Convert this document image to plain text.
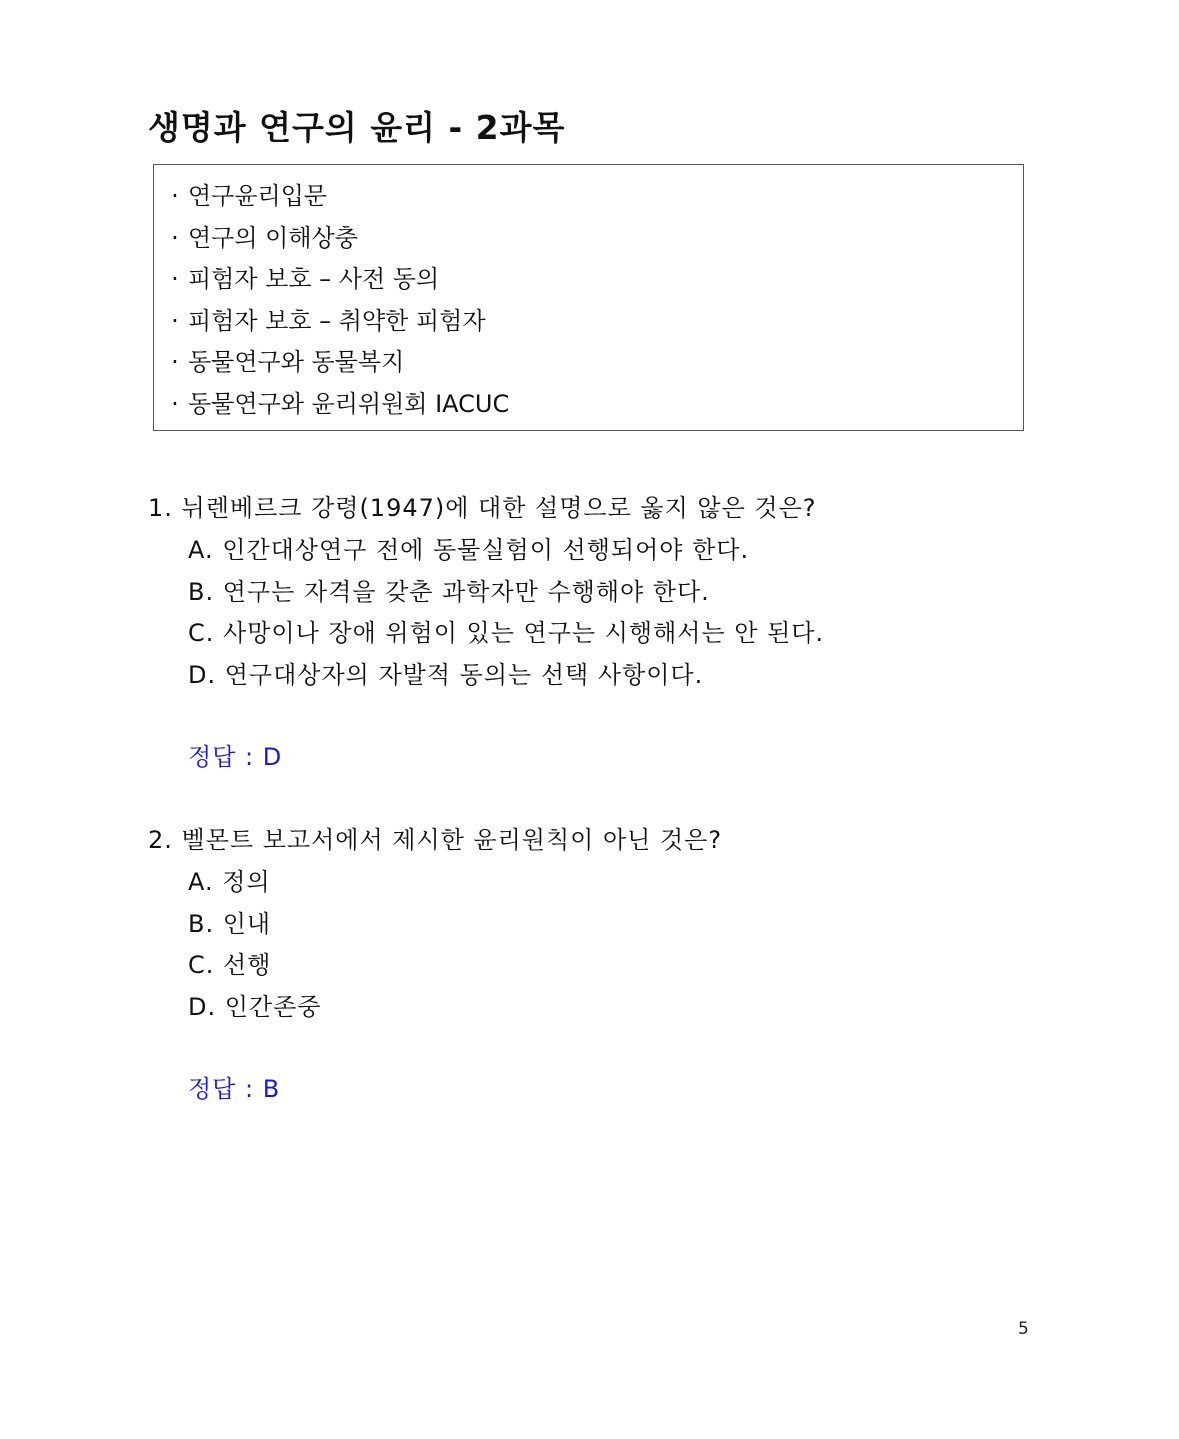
생명과 연구의 윤리 - 2과목
· 연구윤리입문
· 연구의 이해상충
· 피험자 보호 – 사전 동의
· 피험자 보호 – 취약한 피험자
· 동물연구와 동물복지
· 동물연구와 윤리위원회 IACUC
1. 뉘렌베르크 강령(1947)에 대한 설명으로 옳지 않은 것은?
A. 인간대상연구 전에 동물실험이 선행되어야 한다.
B. 연구는 자격을 갖춘 과학자만 수행해야 한다.
C. 사망이나 장애 위험이 있는 연구는 시행해서는 안 된다.
D. 연구대상자의 자발적 동의는 선택 사항이다.
정답 : D
2. 벨몬트 보고서에서 제시한 윤리원칙이 아닌 것은?
A. 정의
B. 인내
C. 선행
D. 인간존중
정답 : B
5
